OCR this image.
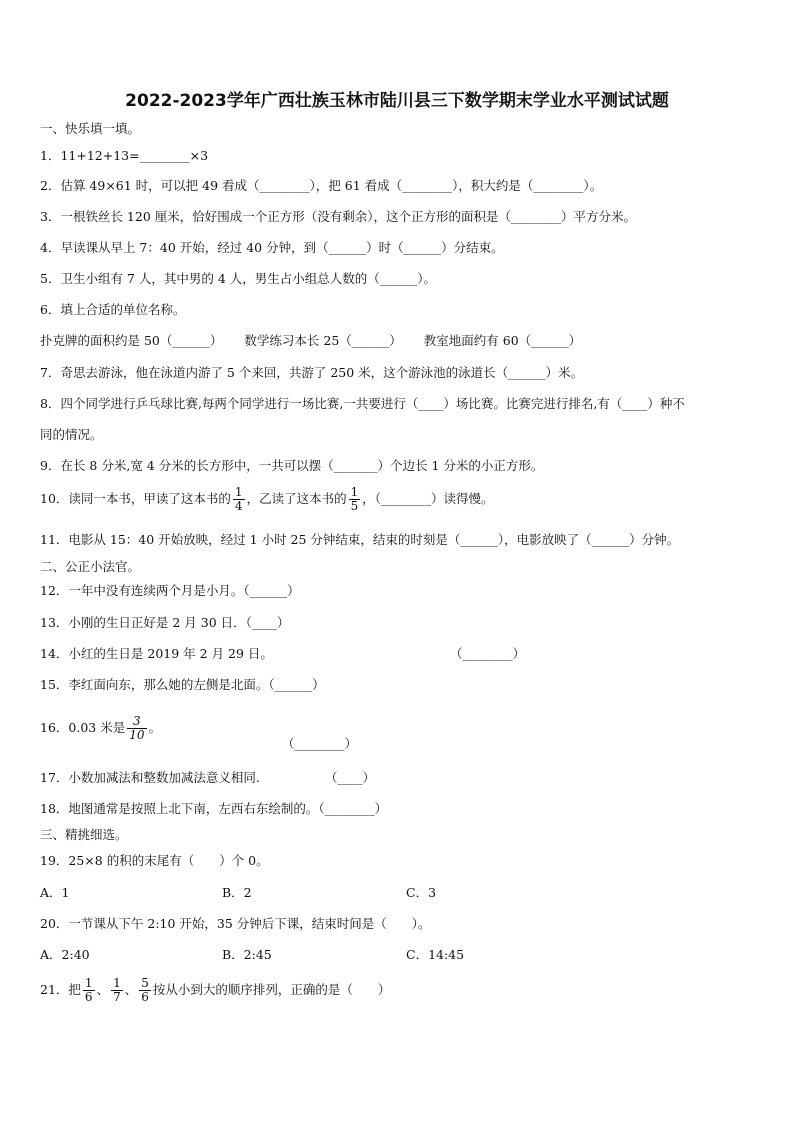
2022-2023学年广西壮族玉林市陆川县三下数学期末学业水平测试试题
一、快乐填一填。
1．11+12+13=________×3
2．估算 49×61 时，可以把 49 看成（________），把 61 看成（________），积大约是（________）。
3．一根铁丝长 120 厘米，恰好围成一个正方形（没有剩余），这个正方形的面积是（________）平方分米。
4．早读课从早上 7：40 开始，经过 40 分钟，到（______）时（______）分结束。
5．卫生小组有 7 人，其中男的 4 人，男生占小组总人数的（______）。
6．填上合适的单位名称。
扑克牌的面积约是 50（______） 数学练习本长 25（______） 教室地面约有 60（______）
7．奇思去游泳，他在泳道内游了 5 个来回，共游了 250 米，这个游泳池的泳道长（______）米。
8．四个同学进行乒乓球比赛,每两个同学进行一场比赛,一共要进行（____）场比赛。比赛完进行排名,有（____）种不
同的情况。
9．在长 8 分米,宽 4 分米的长方形中，一共可以摆（_______）个边长 1 分米的小正方形。
10．读同一本书，甲读了这本书的 $\frac{1}{4}$ ，乙读了这本书的 $\frac{1}{5}$ ，（________）读得慢。
11．电影从 15：40 开始放映，经过 1 小时 25 分钟结束，结束的时刻是（______），电影放映了（______）分钟。
二、公正小法官。
12．一年中没有连续两个月是小月。（______）
13．小刚的生日正好是 2 月 30 日．（____）
14．小红的生日是 2019 年 2 月 29 日。	（________）
15．李红面向东，那么她的左侧是北面。（______）
16．0.03 米是 $\frac{3}{10}$ 。
（________）
17．小数加减法和整数加减法意义相同.	（____）
18．地图通常是按照上北下南，左西右东绘制的。（________）
三、精挑细选。
19．25×8 的积的末尾有（　　）个 0。
A．1	B．2	C．3
20．一节课从下午 2:10 开始，35 分钟后下课，结束时间是（　　）。
A．2:40	B．2:45	C．14:45
21．把 $\frac{1}{6}$ 、 $\frac{1}{7}$ 、 $\frac{5}{6}$ 按从小到大的顺序排列，正确的是（　　）
